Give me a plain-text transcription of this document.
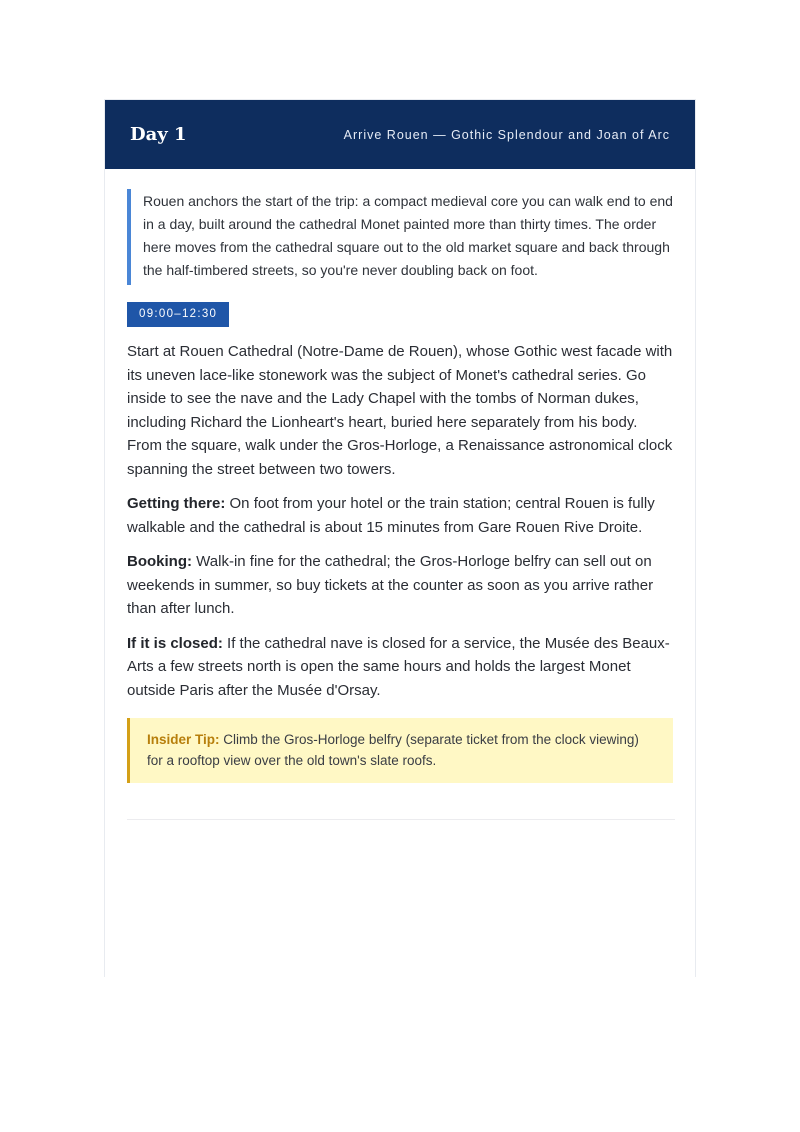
Day 1	Arrive Rouen — Gothic Splendour and Joan of Arc

Rouen anchors the start of the trip: a compact medieval core you can walk end to end in a day, built around the cathedral Monet painted more than thirty times. The order here moves from the cathedral square out to the old market square and back through the half-timbered streets, so you're never doubling back on foot.

09:00–12:30

Start at Rouen Cathedral (Notre-Dame de Rouen), whose Gothic west facade with its uneven lace-like stonework was the subject of Monet's cathedral series. Go inside to see the nave and the Lady Chapel with the tombs of Norman dukes, including Richard the Lionheart's heart, buried here separately from his body. From the square, walk under the Gros-Horloge, a Renaissance astronomical clock spanning the street between two towers.

Getting there: On foot from your hotel or the train station; central Rouen is fully walkable and the cathedral is about 15 minutes from Gare Rouen Rive Droite.

Booking: Walk-in fine for the cathedral; the Gros-Horloge belfry can sell out on weekends in summer, so buy tickets at the counter as soon as you arrive rather than after lunch.

If it is closed: If the cathedral nave is closed for a service, the Musée des Beaux-Arts a few streets north is open the same hours and holds the largest Monet outside Paris after the Musée d'Orsay.

Insider Tip: Climb the Gros-Horloge belfry (separate ticket from the clock viewing) for a rooftop view over the old town's slate roofs.
